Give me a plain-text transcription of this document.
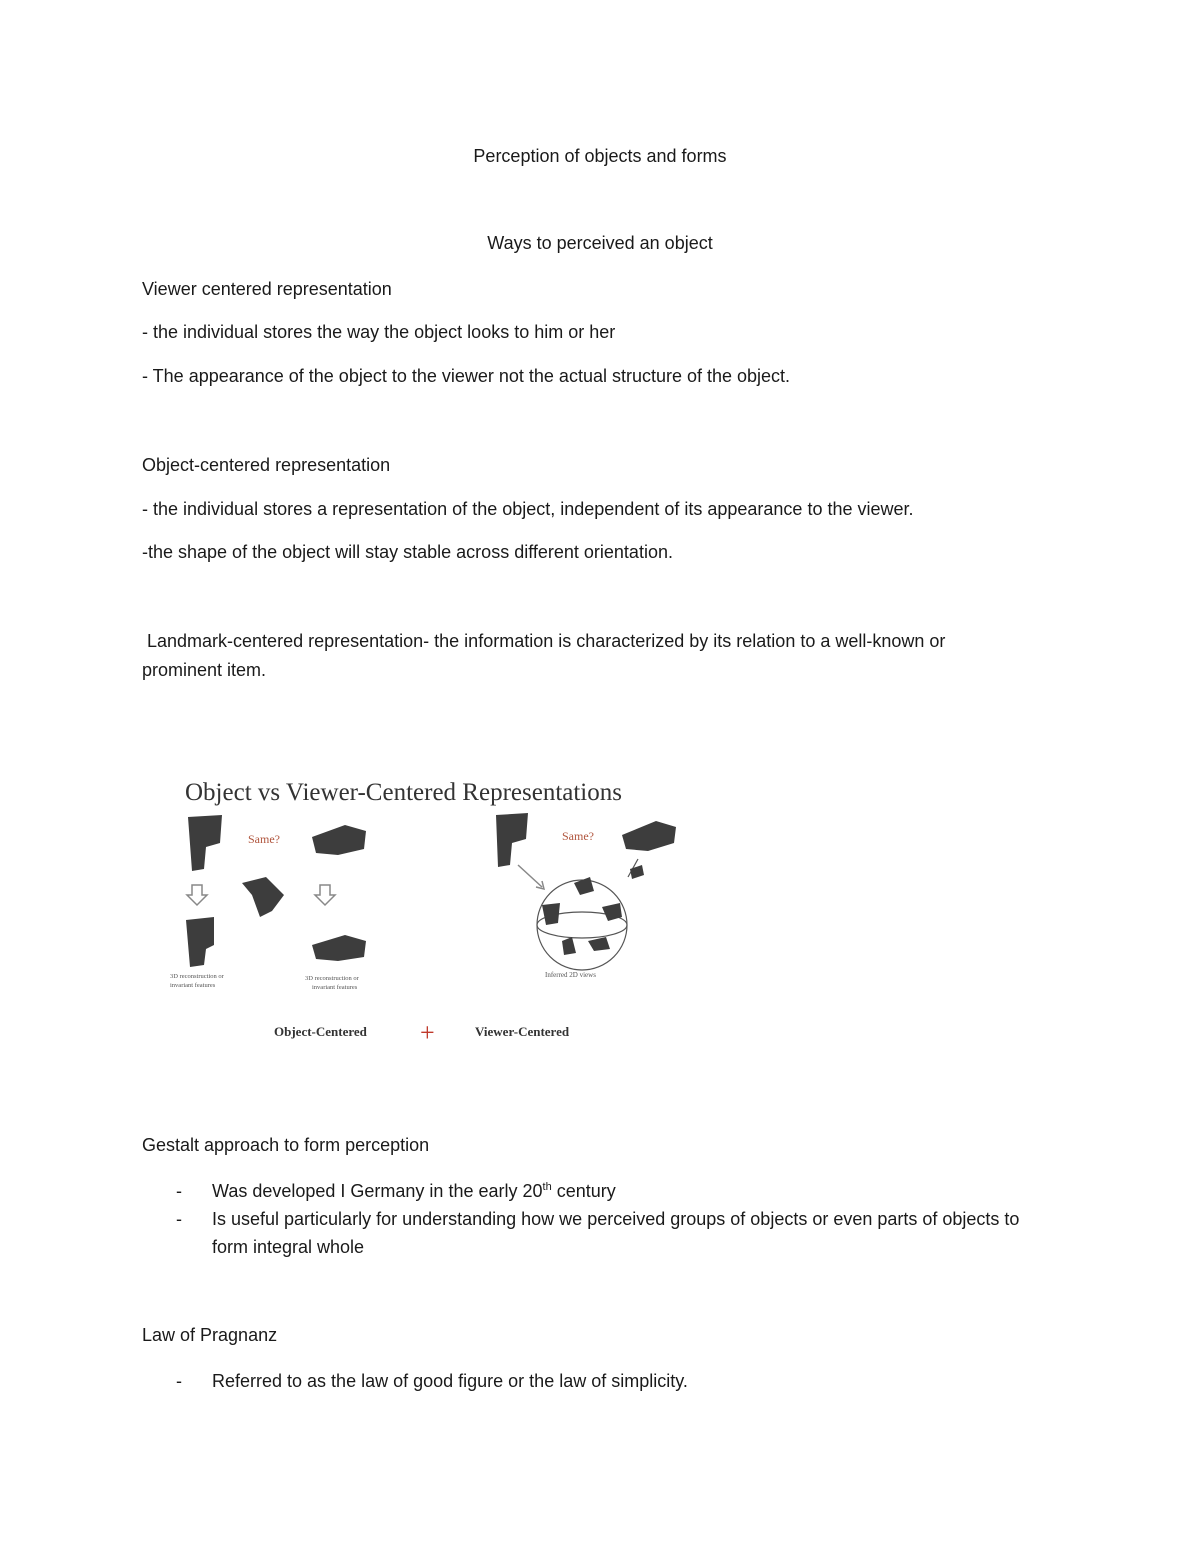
Perception of objects and forms
Ways to perceived an object
Viewer centered representation
- the individual stores the way the object looks to him or her
- The appearance of the object to the viewer not the actual structure of the object.
Object-centered representation
- the individual stores a representation of the object, independent of its appearance to the viewer.
-the shape of the object will stay stable across different orientation.
Landmark-centered representation- the information is characterized by its relation to a well-known or
prominent item.
Object vs Viewer-Centered Representations
Same?
3D reconstruction or
invariant features
3D reconstruction or
invariant features
Same?
Inferred 2D views
Object-Centered +	Viewer-Centered
Gestalt approach to form perception
- Was developed I Germany in the early 20th century
- Is useful particularly for understanding how we perceived groups of objects or even parts of objects to form integral whole
Law of Pragnanz
- Referred to as the law of good figure or the law of simplicity.
